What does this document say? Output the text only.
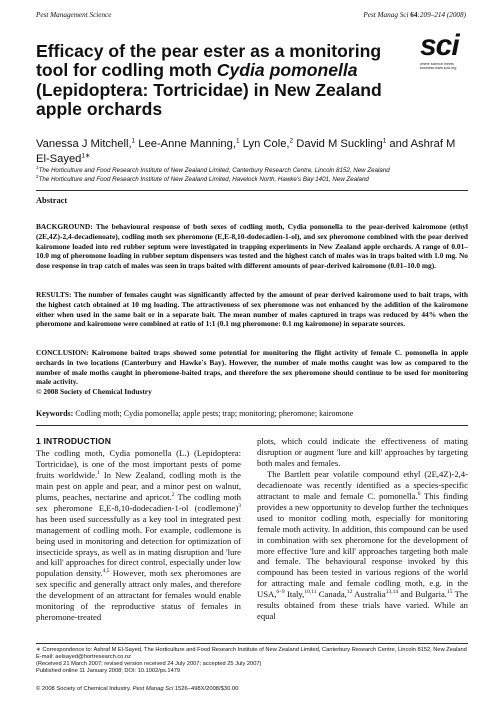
Pest Management Science	Pest Manag Sci 64:209–214 (2008)
sci
where science meets business www.soci.org
Efficacy of the pear ester as a monitoring tool for codling moth Cydia pomonella (Lepidoptera: Tortricidae) in New Zealand apple orchards
Vanessa J Mitchell,$^1$ Lee-Anne Manning,$^1$ Lyn Cole,$^2$ David M Suckling$^1$ and Ashraf M El-Sayed$^{1∗}$
$^1$The Horticulture and Food Research Institute of New Zealand Limited, Canterbury Research Centre, Lincoln 8152, New Zealand
$^2$The Horticulture and Food Research Institute of New Zealand Limited, Havelock North, Hawke's Bay 1401, New Zealand
Abstract

BACKGROUND: The behavioural response of both sexes of codling moth, Cydia pomonella to the pear-derived kairomone (ethyl (2E,4Z)-2,4-decadienoate), codling moth sex pheromone (E,E-8,10-dodecadien-1-ol), and sex pheromone combined with the pear derived kairomone loaded into red rubber septum were investigated in trapping experiments in New Zealand apple orchards. A range of 0.01–10.0 mg of pheromone loading in rubber septum dispensers was tested and the highest catch of males was in traps baited with 1.0 mg. No dose response in trap catch of males was seen in traps baited with different amounts of pear-derived kairomone (0.01–10.0 mg).

RESULTS: The number of females caught was significantly affected by the amount of pear derived kairomone used to bait traps, with the highest catch obtained at 10 mg loading. The attractiveness of sex pheromone was not enhanced by the addition of the kairomone either when used in the same bait or in a separate bait. The mean number of males captured in traps was reduced by 44% when the pheromone and kairomone were combined at ratio of 1:1 (0.1 mg pheromone: 0.1 mg kairomone) in separate sources.

CONCLUSION: Kairomone baited traps showed some potential for monitoring the flight activity of female C. pomonella in apple orchards in two locations (Canterbury and Hawke's Bay). However, the number of male moths caught was low as compared to the number of male moths caught in pheromone-baited traps, and therefore the sex pheromone should continue to be used for monitoring male activity.
© 2008 Society of Chemical Industry

Keywords: Codling moth; Cydia pomonella; apple pests; trap; monitoring; pheromone; kairomone
1 INTRODUCTION

The codling moth, Cydia pomonella (L.) (Lepidoptera: Tortricidae), is one of the most important pests of pome fruits worldwide.$^1$ In New Zealand, codling moth is the main pest on apple and pear, and a minor pest on walnut, plums, peaches, nectarine and apricot.$^2$ The codling moth sex pheromone E,E-8,10-dodecadien-1-ol (codlemone)$^3$ has been used successfully as a key tool in integrated pest management of codling moth. For example, codlemone is being used in monitoring and detection for optimization of insecticide sprays, as well as in mating disruption and 'lure and kill' approaches for direct control, especially under low population density.$^{4,5}$ However, moth sex pheromones are sex specific and generally attract only males, and therefore the development of an attractant for females would enable monitoring of the reproductive status of females in pheromone-treated

plots, which could indicate the effectiveness of mating disruption or augment 'lure and kill' approaches by targeting both males and females.

The Bartlett pear volatile compound ethyl (2E,4Z)-2,4-decadienoate was recently identified as a species-specific attractant to male and female C. pomonella.$^6$ This finding provides a new opportunity to develop further the techniques used to monitor codling moth, especially for monitoring female moth activity. In addition, this compound can be used in combination with sex pheromone for the development of more effective 'lure and kill' approaches targeting both male and female. The behavioural response invoked by this compound has been tested in various regions of the world for attracting male and female codling moth, e.g. in the USA,$^{6-9}$ Italy,$^{10,11}$ Canada,$^{12}$ Australia$^{13,14}$ and Bulgaria.$^{15}$ The results obtained from these trials have varied. While an equal

∗ Correspondence to: Ashraf M El-Sayed, The Horticulture and Food Research Institute of New Zealand Limited, Canterbury Research Centre, Lincoln 8152, New Zealand
E-mail: aelsayed@hortresearch.co.nz
(Received 21 March 2007; revised version received 24 July 2007; accepted 25 July 2007)
Published online 11 January 2008; DOI: 10.1002/ps.1479
© 2008 Society of Chemical Industry. Pest Manag Sci 1526–498X/2008/$30.00
